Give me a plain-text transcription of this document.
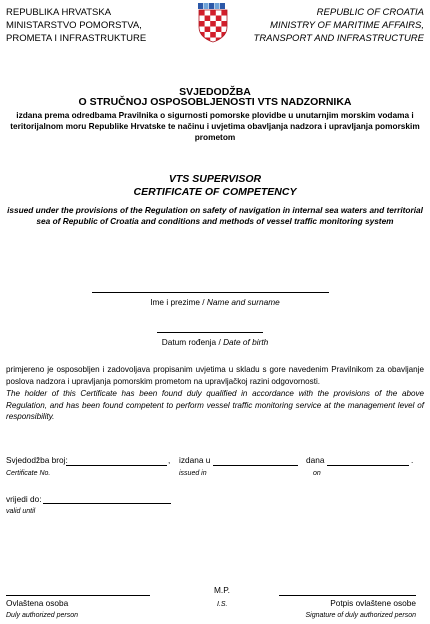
REPUBLIKA HRVATSKA
MINISTARSTVO POMORSTVA,
PROMETA I INFRASTRUKTURE
REPUBLIC OF CROATIA
MINISTRY OF MARITIME AFFAIRS,
TRANSPORT AND INFRASTRUCTURE
SVJEDODŽBA
O STRUČNOJ OSPOSOBLJENOSTI VTS NADZORNIKA
izdana prema odredbama Pravilnika o sigurnosti pomorske plovidbe u unutarnjim morskim vodama i teritorijalnom moru Republike Hrvatske te načinu i uvjetima obavljanja nadzora i upravljanja pomorskim prometom
VTS SUPERVISOR
CERTIFICATE OF COMPETENCY
issued under the provisions of the Regulation on safety of navigation in internal sea waters and territorial sea of Republic of Croatia and conditions and methods of vessel traffic monitoring system
Ime i prezime / Name and surname
Datum rođenja / Date of birth
primjereno je osposobljen i zadovoljava propisanim uvjetima u skladu s gore navedenim Pravilnikom za obavljanje poslova nadzora i upravljanja pomorskim prometom na upravljačkoj razini odgovornosti.
The holder of this Certificate has been found duly qualified in accordance with the provisions of the above Regulation, and has been found competent to perform vessel traffic monitoring service at the management level of responsibility.
Svjedodžba broj:	,
Certificate No.
izdana u
issued in
dana	.
on
vrijedi do:
valid until
Ovlaštena osoba
Duly authorized person
M.P.
I.S.	Potpis ovlaštene osobe
Signature of duly authorized person
